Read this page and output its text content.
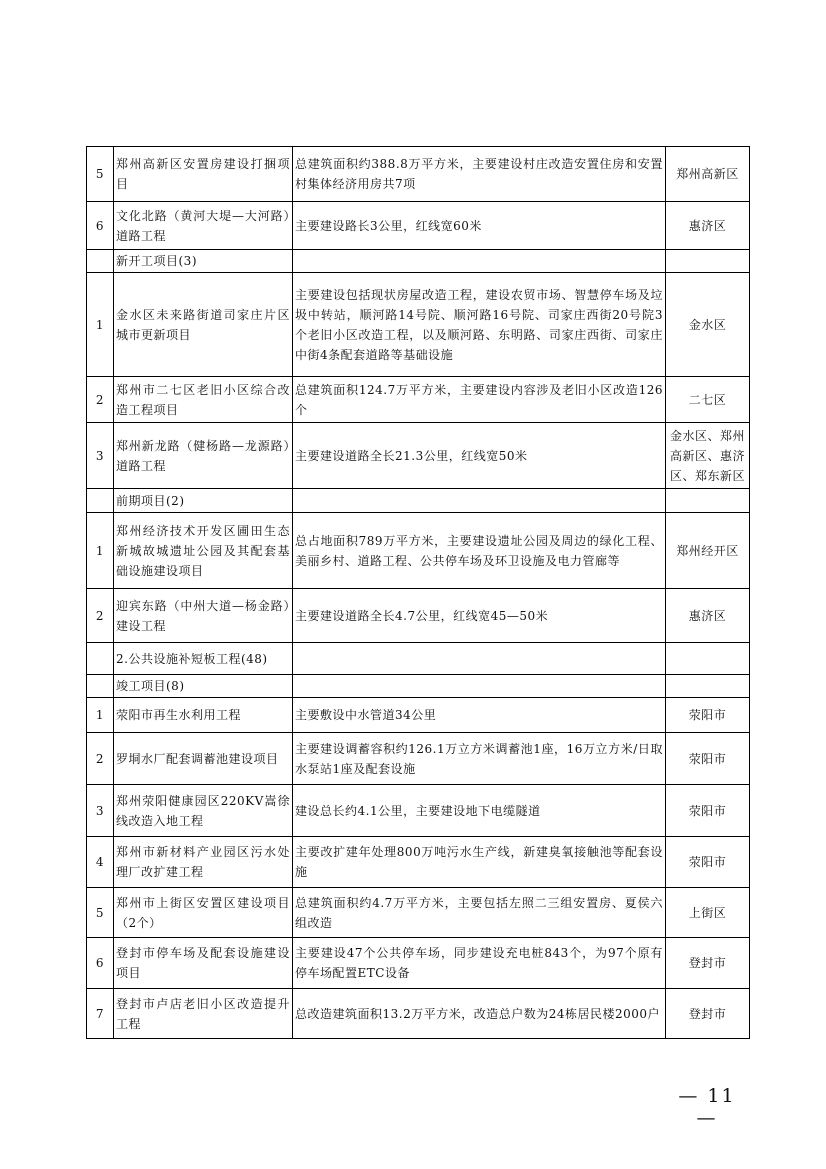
5	郑州高新区安置房建设打捆项目	总建筑面积约388.8万平方米，主要建设村庄改造安置住房和安置村集体经济用房共7项	郑州高新区
6	文化北路（黄河大堤—大河路）道路工程	主要建设路长3公里，红线宽60米	惠济区
	新开工项目(3)		
1	金水区未来路街道司家庄片区城市更新项目	主要建设包括现状房屋改造工程，建设农贸市场、智慧停车场及垃圾中转站，顺河路14号院、顺河路16号院、司家庄西街20号院3个老旧小区改造工程，以及顺河路、东明路、司家庄西街、司家庄中街4条配套道路等基础设施	金水区
2	郑州市二七区老旧小区综合改造工程项目	总建筑面积124.7万平方米，主要建设内容涉及老旧小区改造126个	二七区
3	郑州新龙路（健杨路—龙源路）道路工程	主要建设道路全长21.3公里，红线宽50米	金水区、郑州高新区、惠济区、郑东新区
	前期项目(2)		
1	郑州经济技术开发区圃田生态新城故城遗址公园及其配套基础设施建设项目	总占地面积789万平方米，主要建设遗址公园及周边的绿化工程、美丽乡村、道路工程、公共停车场及环卫设施及电力管廊等	郑州经开区
2	迎宾东路（中州大道—杨金路）建设工程	主要建设道路全长4.7公里，红线宽45—50米	惠济区
	2.公共设施补短板工程(48)		
	竣工项目(8)		
1	荥阳市再生水利用工程	主要敷设中水管道34公里	荥阳市
2	罗垌水厂配套调蓄池建设项目	主要建设调蓄容积约126.1万立方米调蓄池1座，16万立方米/日取水泵站1座及配套设施	荥阳市
3	郑州荥阳健康园区220KV嵩徐线改造入地工程	建设总长约4.1公里，主要建设地下电缆隧道	荥阳市
4	郑州市新材料产业园区污水处理厂改扩建工程	主要改扩建年处理800万吨污水生产线，新建臭氧接触池等配套设施	荥阳市
5	郑州市上街区安置区建设项目（2个）	总建筑面积约4.7万平方米，主要包括左照二三组安置房、夏侯六组改造	上街区
6	登封市停车场及配套设施建设项目	主要建设47个公共停车场，同步建设充电桩843个，为97个原有停车场配置ETC设备	登封市
7	登封市卢店老旧小区改造提升工程	总改造建筑面积13.2万平方米，改造总户数为24栋居民楼2000户	登封市
— 11 —
